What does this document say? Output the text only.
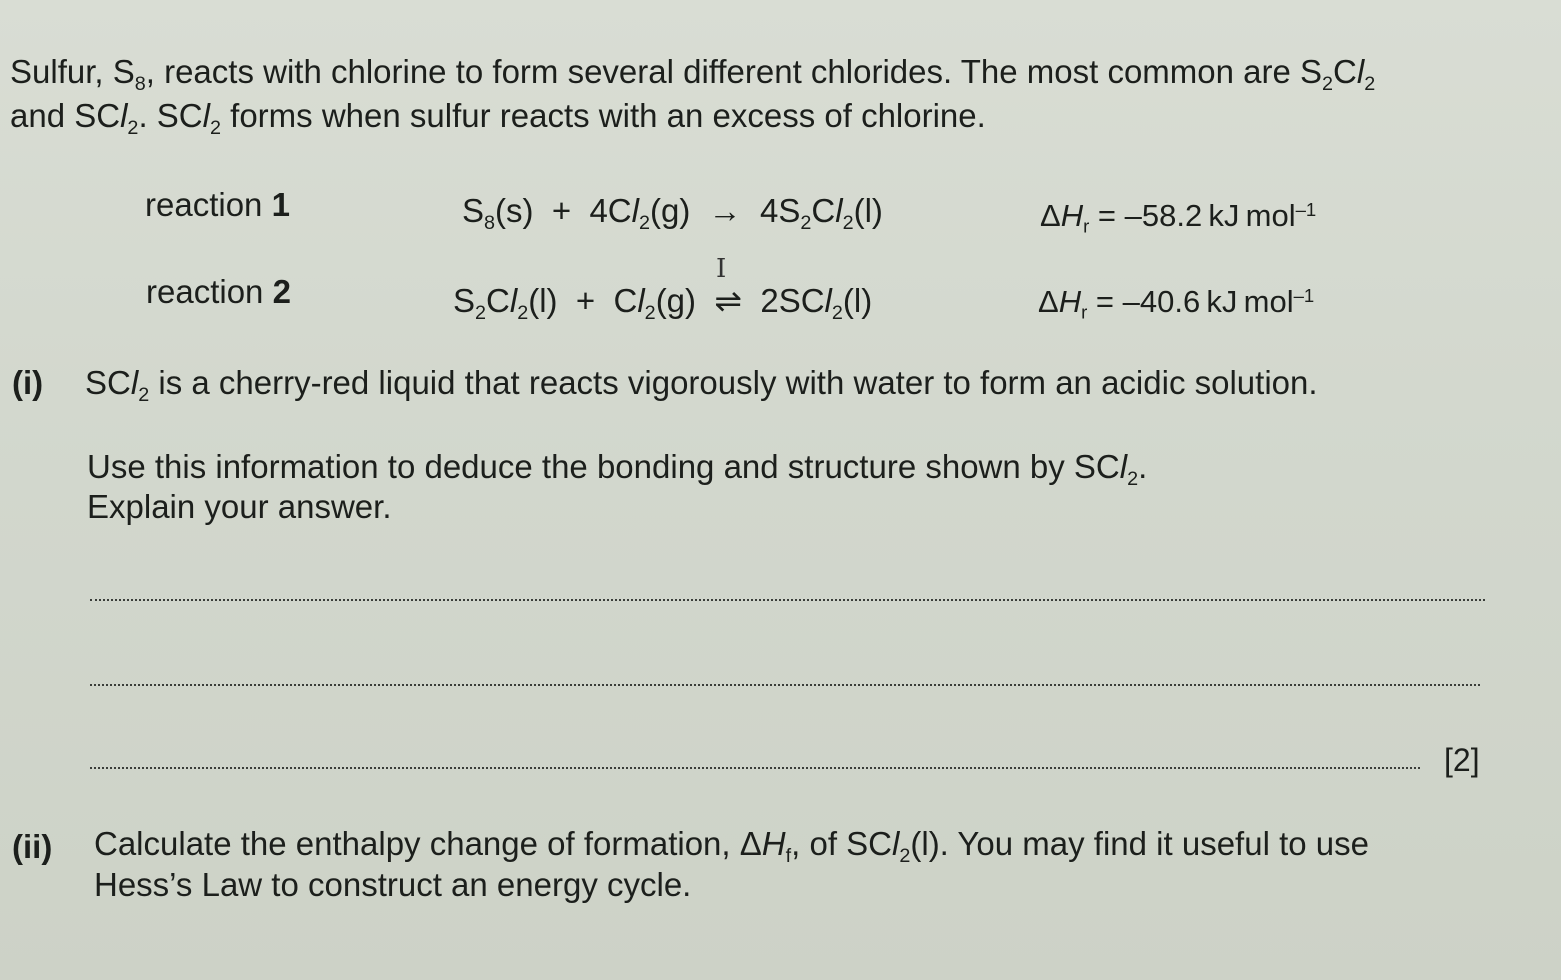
Sulfur, $S_8$, reacts with chlorine to form several different chlorides. The most common are $S_2Cl_2$
and SCl$_2$. SCl$_2$ forms when sulfur reacts with an excess of chlorine.
reaction 1	$S_8(s) + 4Cl_2(g) \to 4S_2Cl_2(l)$	$\Delta H_r = -58.2$ kJ mol$^{-1}$
reaction 2	$S_2Cl_2(l) + Cl_2(g)$  ⇌  2SCl$_2$(l)	$\Delta H_r = -40.6$ kJ mol$^{-1}$
I
(i) SCl$_2$ is a cherry-red liquid that reacts vigorously with water to form an acidic solution.
Use this information to deduce the bonding and structure shown by SCl$_2$.
Explain your answer.
[2]
(ii) Calculate the enthalpy change of formation, $\Delta H_f$, of SCl$_2$(l). You may find it useful to use
Hess’s Law to construct an energy cycle.
